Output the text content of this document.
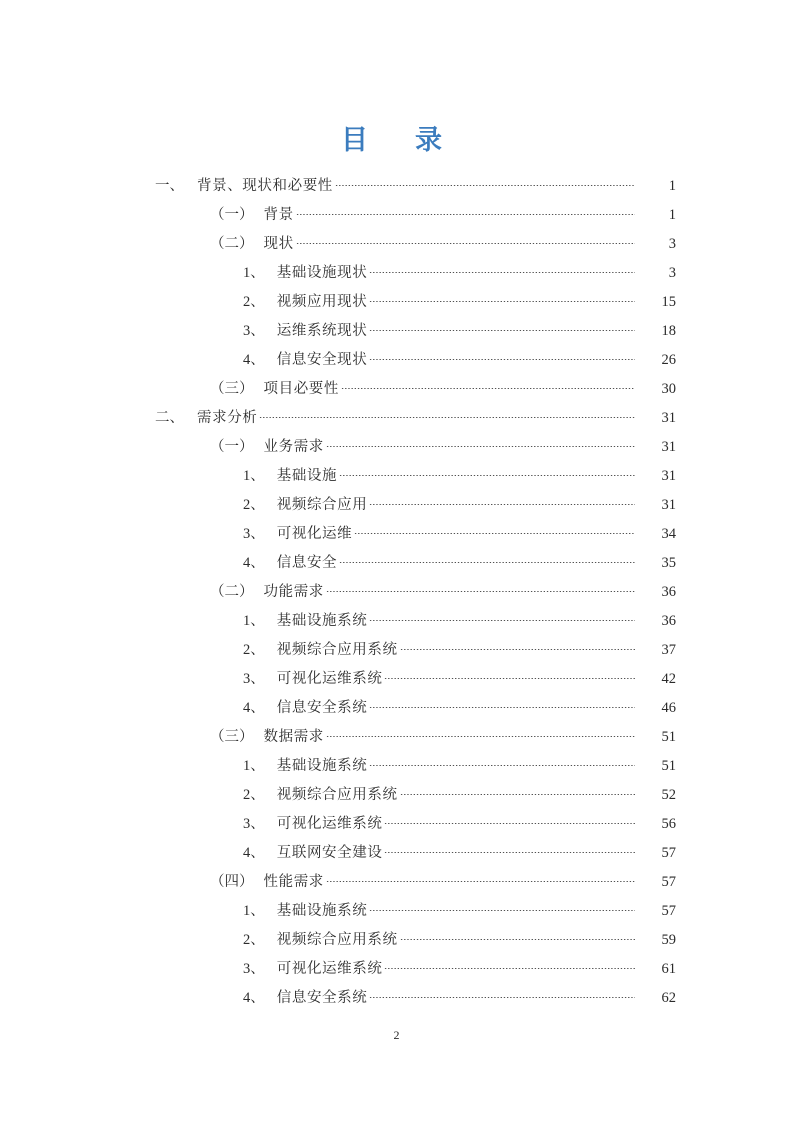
目　录
一、 背景、现状和必要性	1
（一） 背景	1
（二） 现状	3
1、 基础设施现状	3
2、 视频应用现状	15
3、 运维系统现状	18
4、 信息安全现状	26
（三） 项目必要性	30
二、 需求分析	31
（一） 业务需求	31
1、 基础设施	31
2、 视频综合应用	31
3、 可视化运维	34
4、 信息安全	35
（二） 功能需求	36
1、 基础设施系统	36
2、 视频综合应用系统	37
3、 可视化运维系统	42
4、 信息安全系统	46
（三） 数据需求	51
1、 基础设施系统	51
2、 视频综合应用系统	52
3、 可视化运维系统	56
4、 互联网安全建设	57
（四） 性能需求	57
1、 基础设施系统	57
2、 视频综合应用系统	59
3、 可视化运维系统	61
4、 信息安全系统	62
2
